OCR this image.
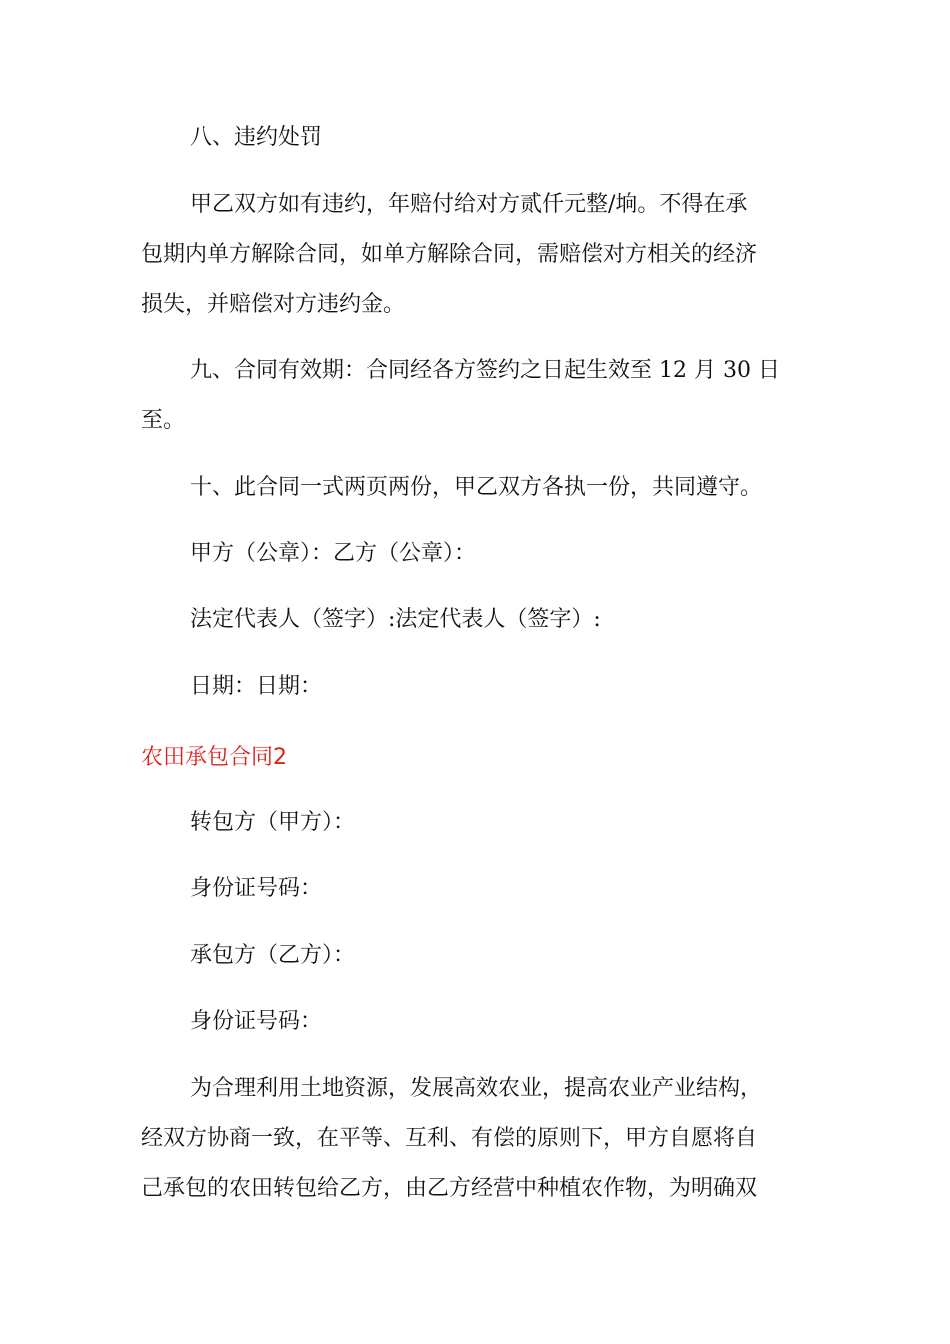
八、违约处罚
甲乙双方如有违约，年赔付给对方贰仟元整/垧。不得在承
包期内单方解除合同，如单方解除合同，需赔偿对方相关的经济
损失，并赔偿对方违约金。
九、合同有效期：合同经各方签约之日起生效至 12 月 30 日
至。
十、此合同一式两页两份，甲乙双方各执一份，共同遵守。
甲方（公章）：乙方（公章）：
法定代表人（签字）:法定代表人（签字）:
日期：日期：
农田承包合同2
转包方（甲方）：
身份证号码：
承包方（乙方）：
身份证号码：
为合理利用土地资源，发展高效农业，提高农业产业结构，
经双方协商一致，在平等、互利、有偿的原则下，甲方自愿将自
己承包的农田转包给乙方，由乙方经营中种植农作物，为明确双
